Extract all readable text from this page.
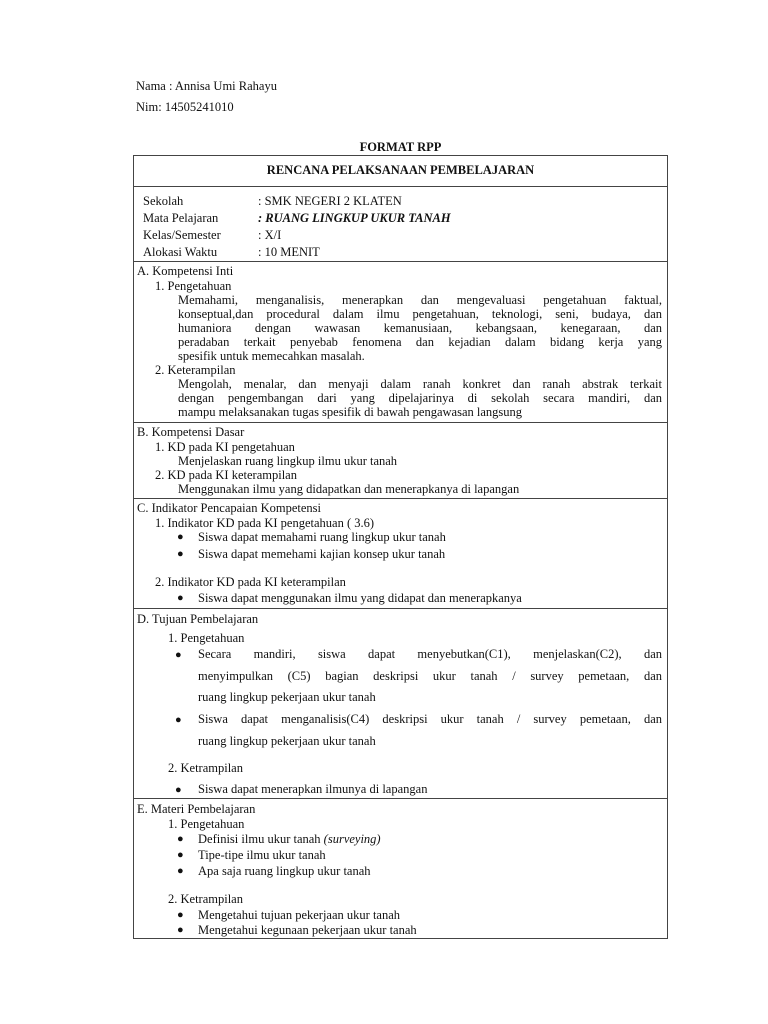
Nama : Annisa Umi Rahayu
Nim: 14505241010
FORMAT RPP
RENCANA PELAKSANAAN PEMBELAJARAN
Sekolah	: SMK NEGERI 2 KLATEN
Mata Pelajaran	: RUANG LINGKUP UKUR TANAH
Kelas/Semester	: X/I
Alokasi Waktu	: 10 MENIT
A. Kompetensi Inti
1. Pengetahuan
Memahami, menganalisis, menerapkan dan mengevaluasi pengetahuan faktual,
konseptual,dan procedural dalam ilmu pengetahuan, teknologi, seni, budaya, dan
humaniora dengan wawasan kemanusiaan, kebangsaan, kenegaraan, dan
peradaban terkait penyebab fenomena dan kejadian dalam bidang kerja yang
spesifik untuk memecahkan masalah.
2. Keterampilan
Mengolah, menalar, dan menyaji dalam ranah konkret dan ranah abstrak terkait
dengan pengembangan dari yang dipelajarinya di sekolah secara mandiri, dan
mampu melaksanakan tugas spesifik di bawah pengawasan langsung
B. Kompetensi Dasar
1. KD pada KI pengetahuan
Menjelaskan ruang lingkup ilmu ukur tanah
2. KD pada KI keterampilan
Menggunakan ilmu yang didapatkan dan menerapkanya di lapangan
C. Indikator Pencapaian Kompetensi
1. Indikator KD pada KI pengetahuan ( 3.6)
● Siswa dapat memahami ruang lingkup ukur tanah
● Siswa dapat memehami kajian konsep ukur tanah
2. Indikator KD pada KI keterampilan
● Siswa dapat menggunakan ilmu yang didapat dan menerapkanya
D. Tujuan Pembelajaran
1. Pengetahuan
● Secara mandiri, siswa dapat menyebutkan(C1), menjelaskan(C2), dan
menyimpulkan (C5) bagian deskripsi ukur tanah / survey pemetaan, dan
ruang lingkup pekerjaan ukur tanah
● Siswa dapat menganalisis(C4) deskripsi ukur tanah / survey pemetaan, dan
ruang lingkup pekerjaan ukur tanah
2. Ketrampilan
● Siswa dapat menerapkan ilmunya di lapangan
E. Materi Pembelajaran
1. Pengetahuan
● Definisi ilmu ukur tanah (surveying)
● Tipe-tipe ilmu ukur tanah
● Apa saja ruang lingkup ukur tanah
2. Ketrampilan
● Mengetahui tujuan pekerjaan ukur tanah
● Mengetahui kegunaan pekerjaan ukur tanah
